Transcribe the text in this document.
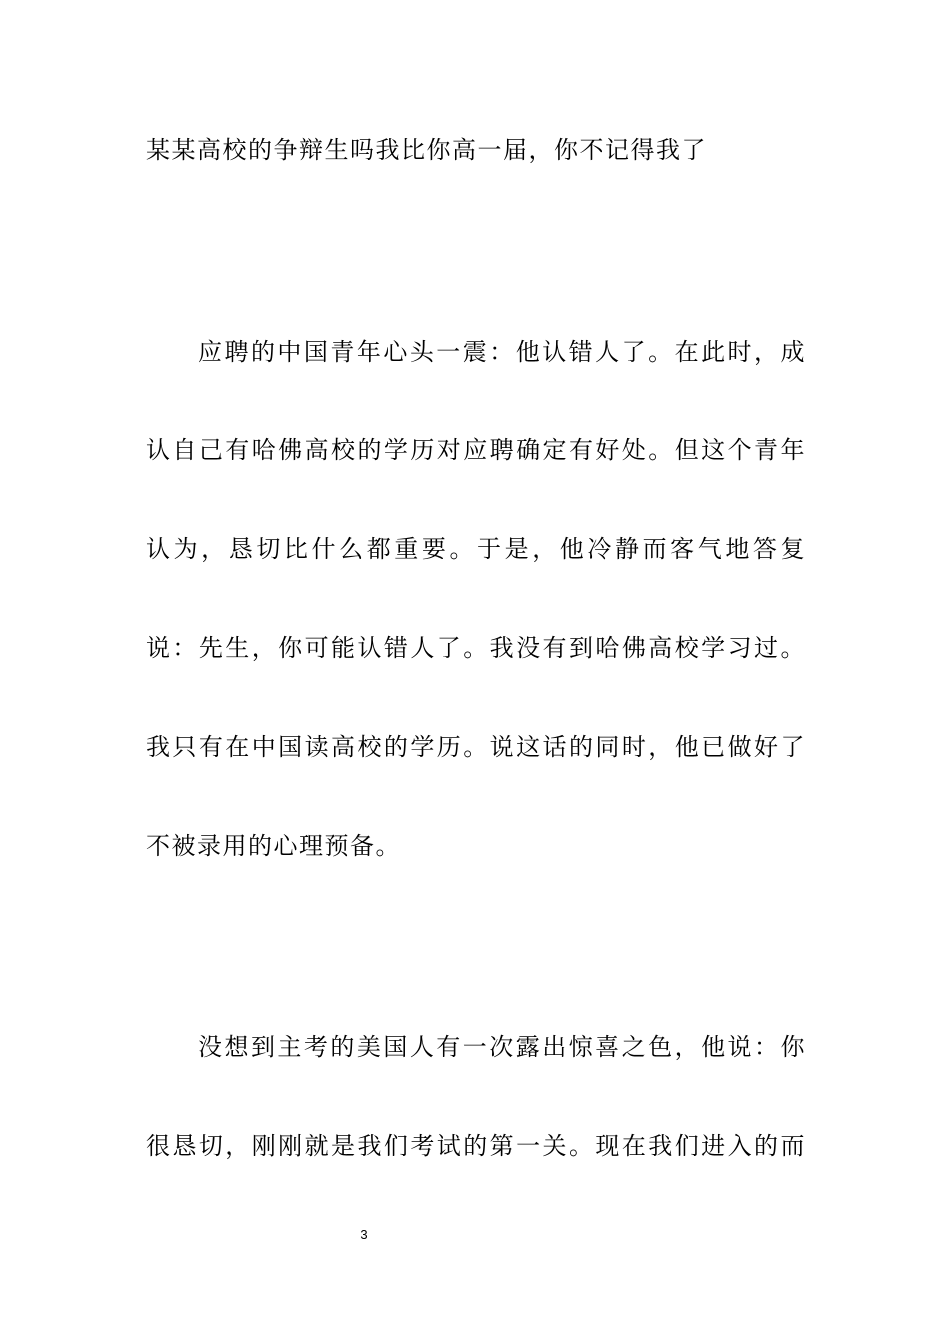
某某高校的争辩生吗我比你高一届，你不记得我了
应聘的中国青年心头一震：他认错人了。在此时，成
认自己有哈佛高校的学历对应聘确定有好处。但这个青年
认为，恳切比什么都重要。于是，他冷静而客气地答复
说：先生，你可能认错人了。我没有到哈佛高校学习过。
我只有在中国读高校的学历。说这话的同时，他已做好了
不被录用的心理预备。
没想到主考的美国人有一次露出惊喜之色，他说：你
很恳切，刚刚就是我们考试的第一关。现在我们进入的而
3
